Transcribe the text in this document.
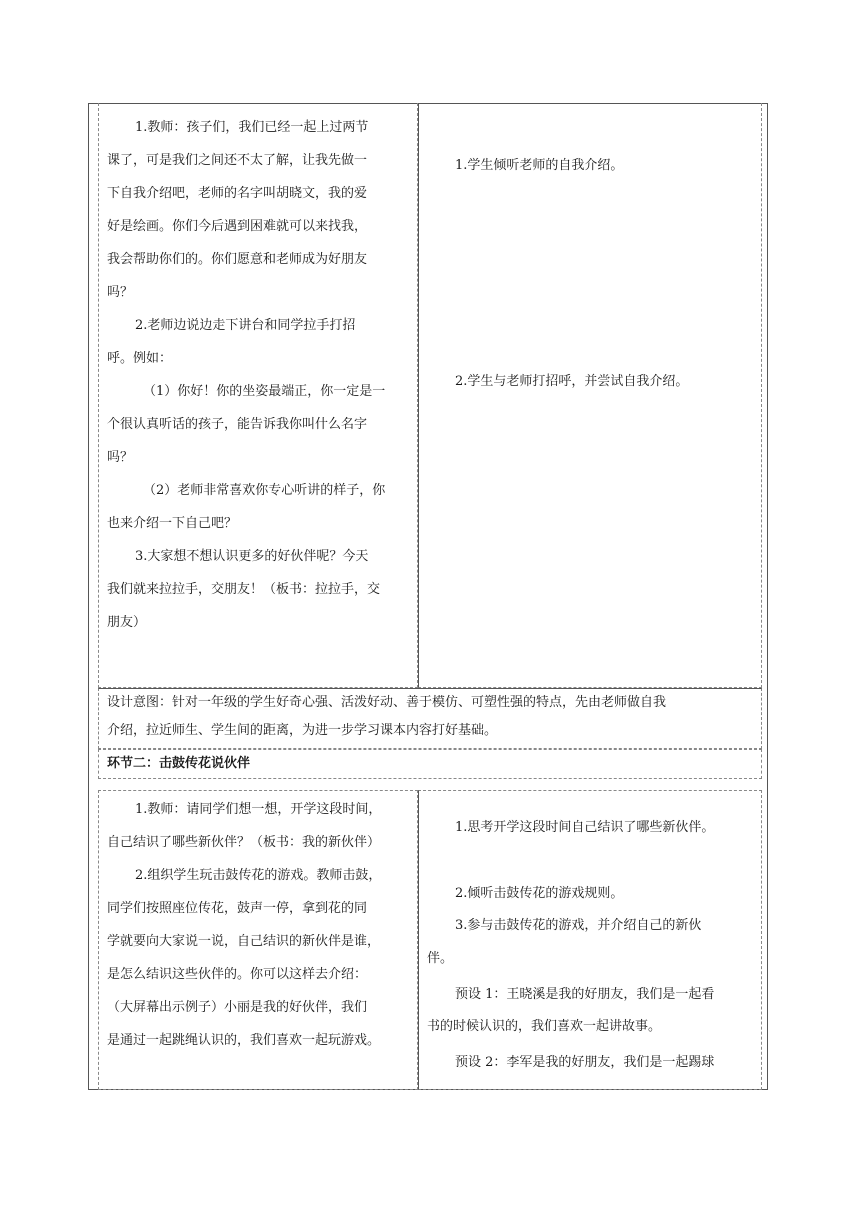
1.教师：孩子们，我们已经一起上过两节

课了，可是我们之间还不太了解，让我先做一

下自我介绍吧，老师的名字叫胡晓文，我的爱

好是绘画。你们今后遇到困难就可以来找我，

我会帮助你们的。你们愿意和老师成为好朋友

吗？

2.老师边说边走下讲台和同学拉手打招

呼。例如：

（1）你好！你的坐姿最端正，你一定是一

个很认真听话的孩子，能告诉我你叫什么名字

吗？

（2）老师非常喜欢你专心听讲的样子，你

也来介绍一下自己吧？

3.大家想不想认识更多的好伙伴呢？今天

我们就来拉拉手，交朋友！（板书：拉拉手，交

朋友）

1.学生倾听老师的自我介绍。

2.学生与老师打招呼，并尝试自我介绍。

设计意图：针对一年级的学生好奇心强、活泼好动、善于模仿、可塑性强的特点，先由老师做自我

介绍，拉近师生、学生间的距离，为进一步学习课本内容打好基础。

环节二：击鼓传花说伙伴

1.教师：请同学们想一想，开学这段时间，

自己结识了哪些新伙伴？（板书：我的新伙伴）

2.组织学生玩击鼓传花的游戏。教师击鼓，

同学们按照座位传花，鼓声一停，拿到花的同

学就要向大家说一说，自己结识的新伙伴是谁，

是怎么结识这些伙伴的。你可以这样去介绍：

（大屏幕出示例子）小丽是我的好伙伴，我们

是通过一起跳绳认识的，我们喜欢一起玩游戏。

1.思考开学这段时间自己结识了哪些新伙伴。

2.倾听击鼓传花的游戏规则。

3.参与击鼓传花的游戏，并介绍自己的新伙

伴。

预设 1：王晓溪是我的好朋友，我们是一起看

书的时候认识的，我们喜欢一起讲故事。

预设 2：李军是我的好朋友，我们是一起踢球
